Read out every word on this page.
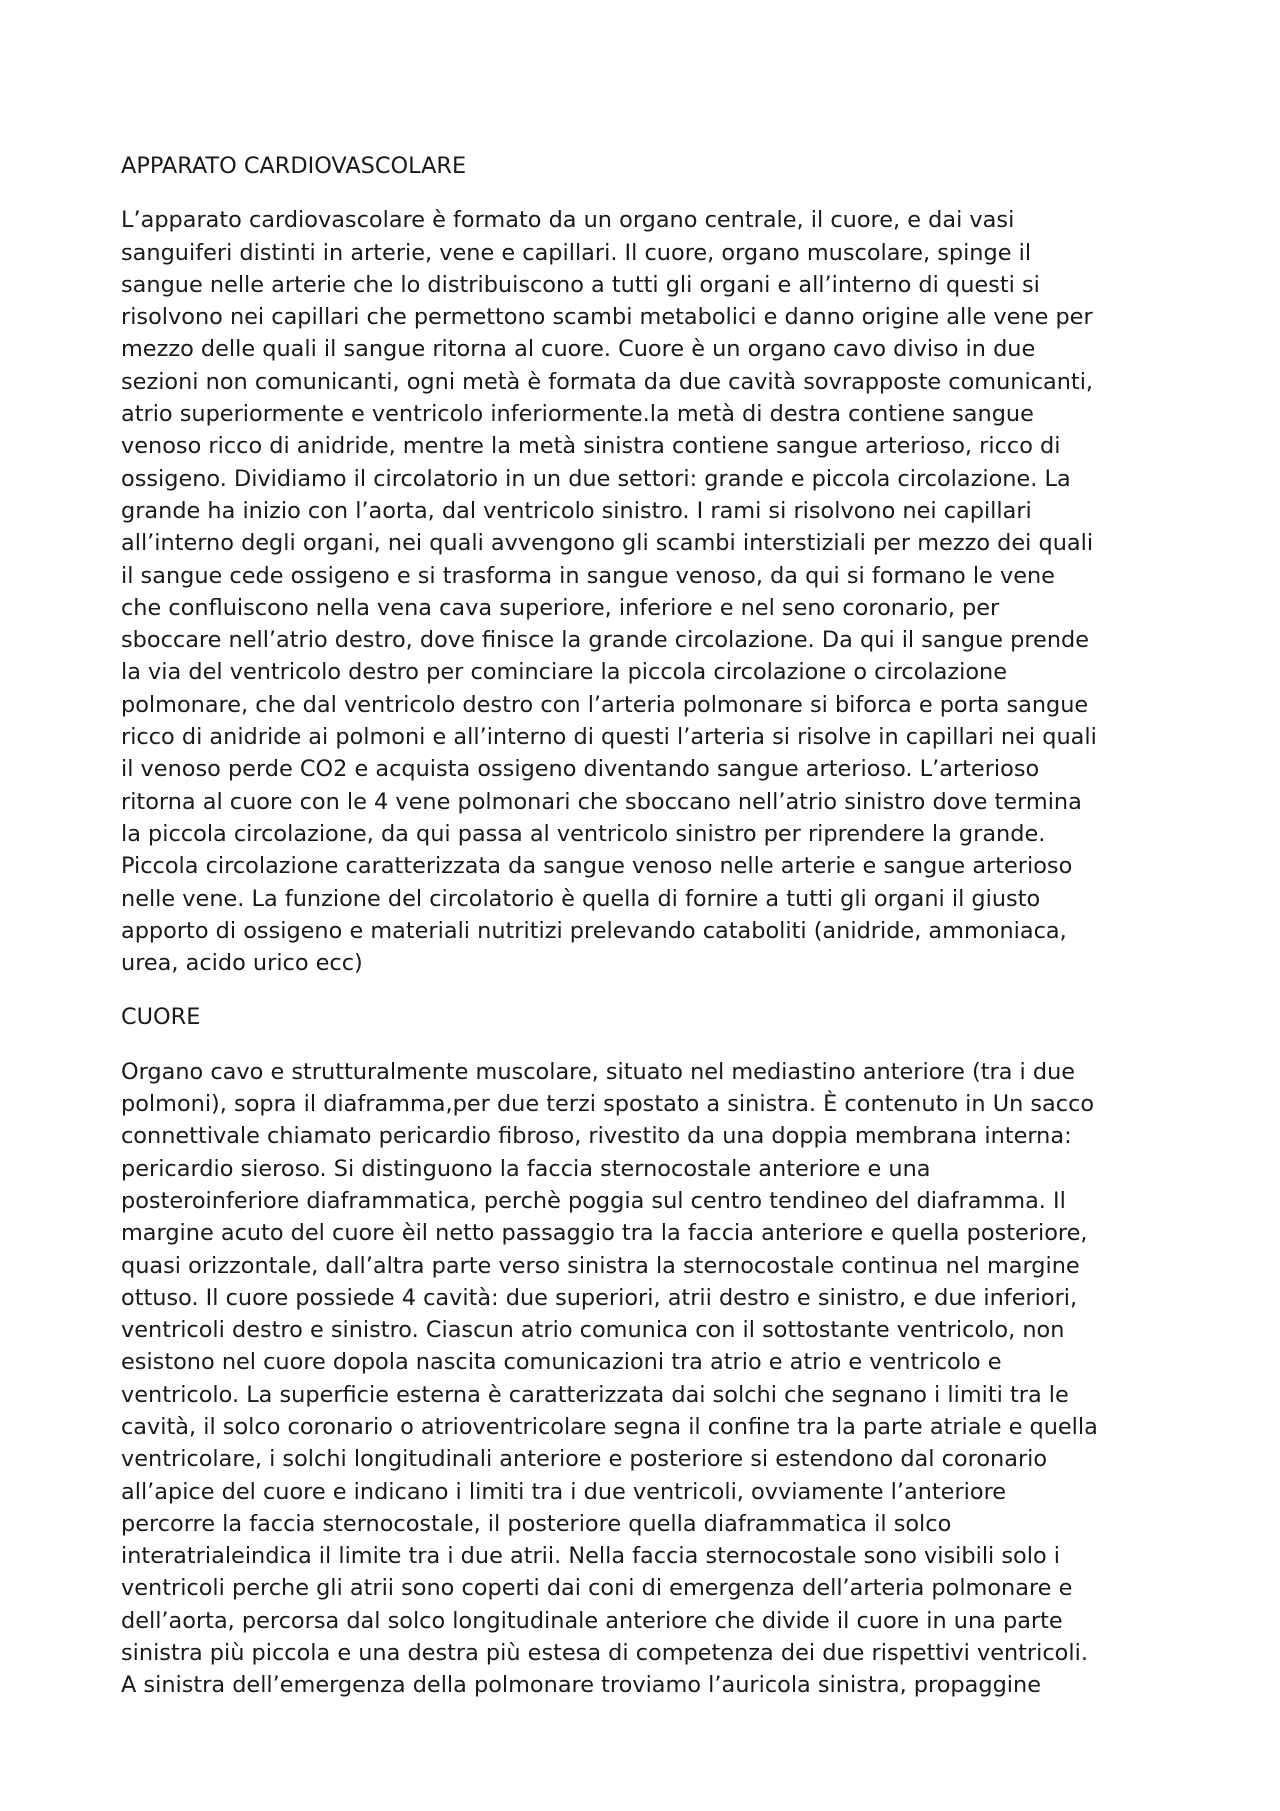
APPARATO CARDIOVASCOLARE
L’apparato cardiovascolare è formato da un organo centrale, il cuore, e dai vasi
sanguiferi distinti in arterie, vene e capillari. Il cuore, organo muscolare, spinge il
sangue nelle arterie che lo distribuiscono a tutti gli organi e all’interno di questi si
risolvono nei capillari che permettono scambi metabolici e danno origine alle vene per
mezzo delle quali il sangue ritorna al cuore. Cuore è un organo cavo diviso in due
sezioni non comunicanti, ogni metà è formata da due cavità sovrapposte comunicanti,
atrio superiormente e ventricolo inferiormente.la metà di destra contiene sangue
venoso ricco di anidride, mentre la metà sinistra contiene sangue arterioso, ricco di
ossigeno. Dividiamo il circolatorio in un due settori: grande e piccola circolazione. La
grande ha inizio con l’aorta, dal ventricolo sinistro. I rami si risolvono nei capillari
all’interno degli organi, nei quali avvengono gli scambi interstiziali per mezzo dei quali
il sangue cede ossigeno e si trasforma in sangue venoso, da qui si formano le vene
che confluiscono nella vena cava superiore, inferiore e nel seno coronario, per
sboccare nell’atrio destro, dove finisce la grande circolazione. Da qui il sangue prende
la via del ventricolo destro per cominciare la piccola circolazione o circolazione
polmonare, che dal ventricolo destro con l’arteria polmonare si biforca e porta sangue
ricco di anidride ai polmoni e all’interno di questi l’arteria si risolve in capillari nei quali
il venoso perde CO2 e acquista ossigeno diventando sangue arterioso. L’arterioso
ritorna al cuore con le 4 vene polmonari che sboccano nell’atrio sinistro dove termina
la piccola circolazione, da qui passa al ventricolo sinistro per riprendere la grande.
Piccola circolazione caratterizzata da sangue venoso nelle arterie e sangue arterioso
nelle vene. La funzione del circolatorio è quella di fornire a tutti gli organi il giusto
apporto di ossigeno e materiali nutritizi prelevando cataboliti (anidride, ammoniaca,
urea, acido urico ecc)
CUORE
Organo cavo e strutturalmente muscolare, situato nel mediastino anteriore (tra i due
polmoni), sopra il diaframma,per due terzi spostato a sinistra. È contenuto in Un sacco
connettivale chiamato pericardio fibroso, rivestito da una doppia membrana interna:
pericardio sieroso. Si distinguono la faccia sternocostale anteriore e una
posteroinferiore diaframmatica, perchè poggia sul centro tendineo del diaframma. Il
margine acuto del cuore èil netto passaggio tra la faccia anteriore e quella posteriore,
quasi orizzontale, dall’altra parte verso sinistra la sternocostale continua nel margine
ottuso. Il cuore possiede 4 cavità: due superiori, atrii destro e sinistro, e due inferiori,
ventricoli destro e sinistro. Ciascun atrio comunica con il sottostante ventricolo, non
esistono nel cuore dopola nascita comunicazioni tra atrio e atrio e ventricolo e
ventricolo. La superficie esterna è caratterizzata dai solchi che segnano i limiti tra le
cavità, il solco coronario o atrioventricolare segna il confine tra la parte atriale e quella
ventricolare, i solchi longitudinali anteriore e posteriore si estendono dal coronario
all’apice del cuore e indicano i limiti tra i due ventricoli, ovviamente l’anteriore
percorre la faccia sternocostale, il posteriore quella diaframmatica il solco
interatrialeindica il limite tra i due atrii. Nella faccia sternocostale sono visibili solo i
ventricoli perche gli atrii sono coperti dai coni di emergenza dell’arteria polmonare e
dell’aorta, percorsa dal solco longitudinale anteriore che divide il cuore in una parte
sinistra più piccola e una destra più estesa di competenza dei due rispettivi ventricoli.
A sinistra dell’emergenza della polmonare troviamo l’auricola sinistra, propaggine
